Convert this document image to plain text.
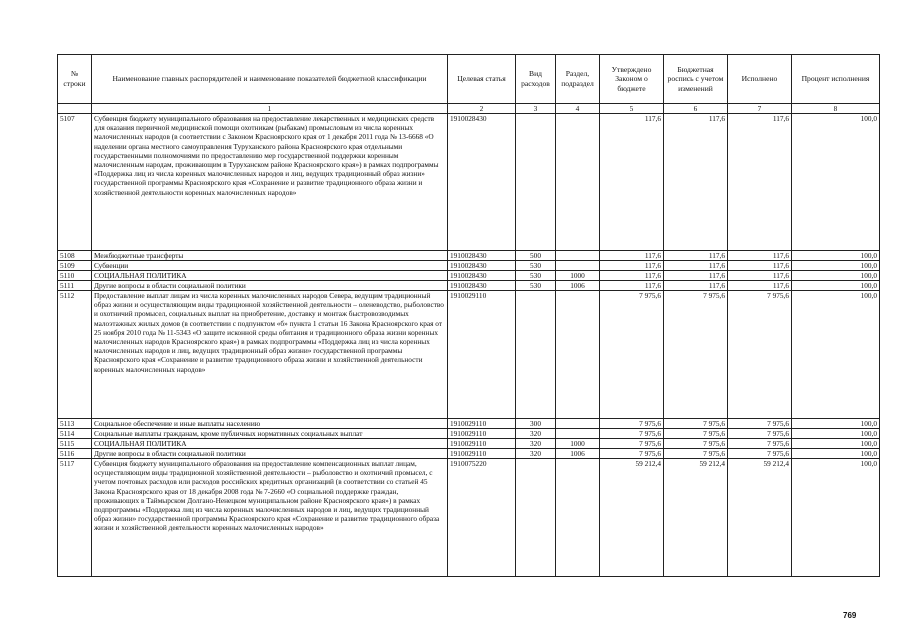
№ строки	Наименование главных распорядителей и наименование показателей бюджетной классификации	Целевая статья	Вид расходов	Раздел, подраздел	Утверждено Законом о бюджете	Бюджетная роспись с учетом изменений	Исполнено	Процент исполнения
	1	2	3	4	5	6	7	8
5107	Субвенция бюджету муниципального образования на предоставление лекарственных и медицинских средств для оказания первичной медицинской помощи охотникам (рыбакам) промысловым из числа коренных малочисленных народов (в соответствии с Законом Красноярского края от 1 декабря 2011 года № 13-6668 «О наделении органа местного самоуправления Туруханского района Красноярского края отдельными государственными полномочиями по предоставлению мер государственной поддержки коренным малочисленным народам, проживающим в Туруханском районе Красноярского края») в рамках подпрограммы «Поддержка лиц из числа коренных малочисленных народов и лиц, ведущих традиционный образ жизни» государственной программы Красноярского края «Сохранение и развитие традиционного образа жизни и хозяйственной деятельности коренных малочисленных народов»	1910028430			117,6	117,6	117,6	100,0
5108	Межбюджетные трансферты	1910028430	500		117,6	117,6	117,6	100,0
5109	Субвенции	1910028430	530		117,6	117,6	117,6	100,0
5110	СОЦИАЛЬНАЯ ПОЛИТИКА	1910028430	530	1000	117,6	117,6	117,6	100,0
5111	Другие вопросы в области социальной политики	1910028430	530	1006	117,6	117,6	117,6	100,0
5112	Предоставление выплат лицам из числа коренных малочисленных народов Севера, ведущим традиционный образ жизни и осуществляющим виды традиционной хозяйственной деятельности – оленеводство, рыболовство и охотничий промысел, социальных выплат на приобретение, доставку и монтаж быстровозводимых малоэтажных жилых домов (в соответствии с подпунктом «б» пункта 1 статьи 16 Закона Красноярского края от 25 ноября 2010 года № 11-5343 «О защите исконной среды обитания и традиционного образа жизни коренных малочисленных народов Красноярского края») в рамках подпрограммы «Поддержка лиц из числа коренных малочисленных народов и лиц, ведущих традиционный образ жизни» государственной программы Красноярского края «Сохранение и развитие традиционного образа жизни и хозяйственной деятельности коренных малочисленных народов»	1910029110			7 975,6	7 975,6	7 975,6	100,0
5113	Социальное обеспечение и иные выплаты населению	1910029110	300		7 975,6	7 975,6	7 975,6	100,0
5114	Социальные выплаты гражданам, кроме публичных нормативных социальных выплат	1910029110	320		7 975,6	7 975,6	7 975,6	100,0
5115	СОЦИАЛЬНАЯ ПОЛИТИКА	1910029110	320	1000	7 975,6	7 975,6	7 975,6	100,0
5116	Другие вопросы в области социальной политики	1910029110	320	1006	7 975,6	7 975,6	7 975,6	100,0
5117	Субвенция бюджету муниципального образования на предоставление компенсационных выплат лицам, осуществляющим виды традиционной хозяйственной деятельности – рыболовство и охотничий промысел, с учетом почтовых расходов или расходов российских кредитных организаций (в соответствии со статьей 45 Закона Красноярского края от 18 декабря 2008 года № 7-2660 «О социальной поддержке граждан, проживающих в Таймырском Долгано-Ненецком муниципальном районе Красноярского края») в рамках подпрограммы «Поддержка лиц из числа коренных малочисленных народов и лиц, ведущих традиционный образ жизни» государственной программы Красноярского края «Сохранение и развитие традиционного образа жизни и хозяйственной деятельности коренных малочисленных народов»	1910075220			59 212,4	59 212,4	59 212,4	100,0
769
